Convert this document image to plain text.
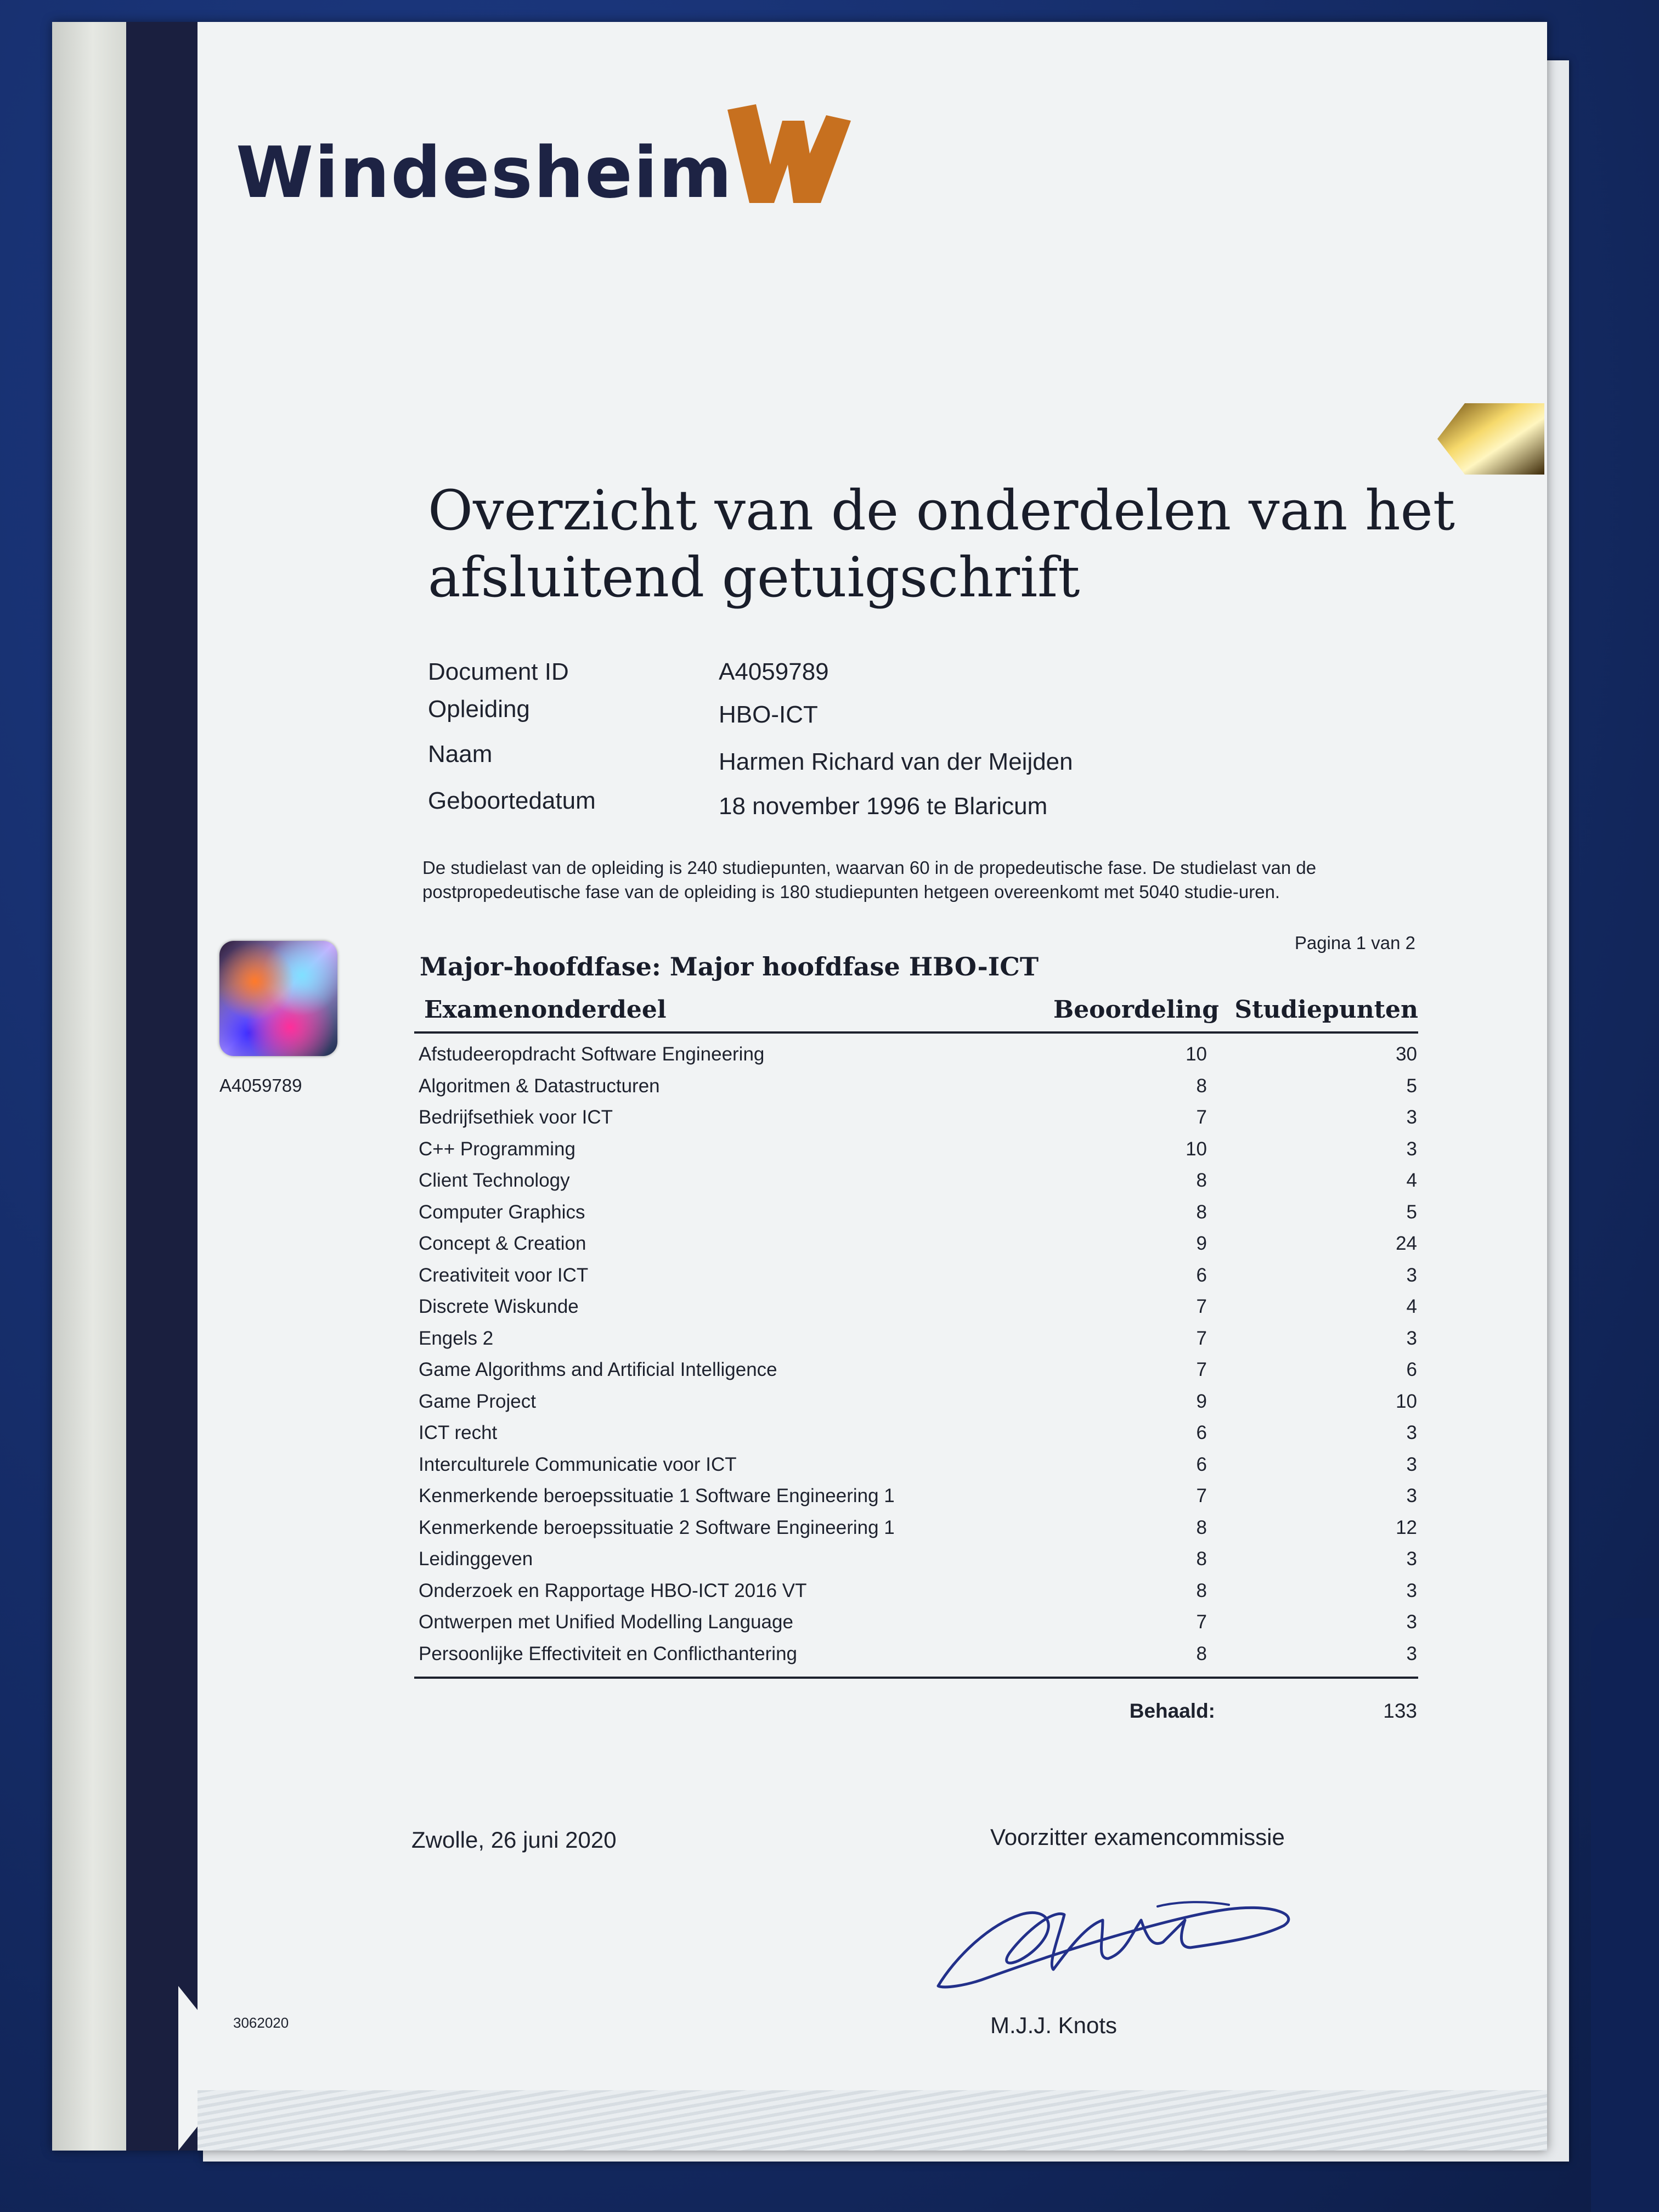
Windesheim
Overzicht van de onderdelen van het afsluitend getuigschrift
Document ID	A4059789
Opleiding	HBO-ICT
Naam	Harmen Richard van der Meijden
Geboortedatum	18 november 1996 te Blaricum
De studielast van de opleiding is 240 studiepunten, waarvan 60 in de propedeutische fase. De studielast van de postpropedeutische fase van de opleiding is 180 studiepunten hetgeen overeenkomt met 5040 studie-uren.
Pagina 1 van 2
A4059789
Major-hoofdfase: Major hoofdfase HBO-ICT
Examenonderdeel	Beoordeling Studiepunten
Afstudeeropdracht Software Engineering	10	30
Algoritmen & Datastructuren	8	5
Bedrijfsethiek voor ICT	7	3
C++ Programming	10	3
Client Technology	8	4
Computer Graphics	8	5
Concept & Creation	9	24
Creativiteit voor ICT	6	3
Discrete Wiskunde	7	4
Engels 2	7	3
Game Algorithms and Artificial Intelligence	7	6
Game Project	9	10
ICT recht	6	3
Interculturele Communicatie voor ICT	6	3
Kenmerkende beroepssituatie 1 Software Engineering 1	7	3
Kenmerkende beroepssituatie 2 Software Engineering 1	8	12
Leidinggeven	8	3
Onderzoek en Rapportage HBO-ICT 2016 VT	8	3
Ontwerpen met Unified Modelling Language	7	3
Persoonlijke Effectiviteit en Conflicthantering	8	3
Behaald:	133
Zwolle, 26 juni 2020	Voorzitter examencommissie
M.J.J. Knots
3062020
